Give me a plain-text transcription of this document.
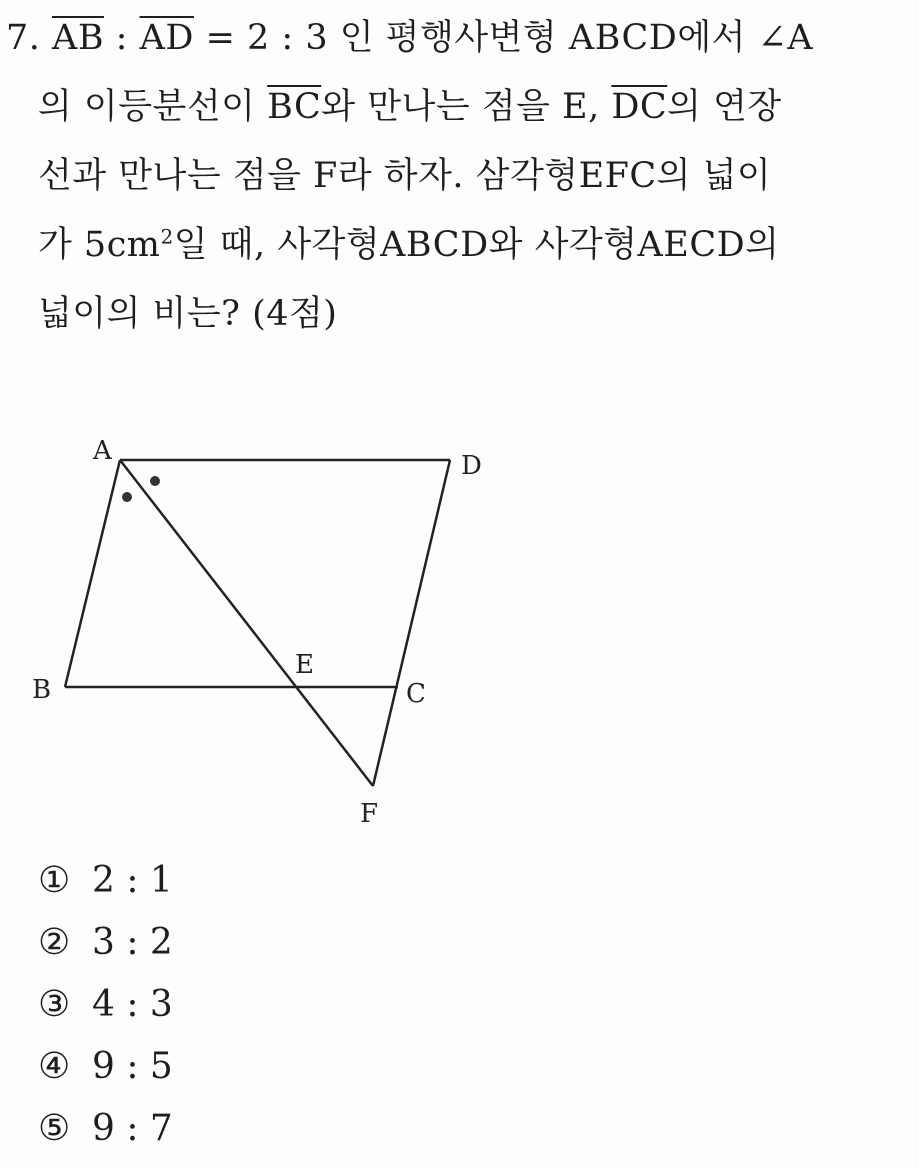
7. $\overline{AB}$ : $\overline{AD} = 2$ : 3 인 평행사변형 ABCD에서 ∠A
의 이등분선이 $\overline{BC}$와 만나는 점을 E, $\overline{DC}$의 연장
선과 만나는 점을 F라 하자. 삼각형EFC의 넓이
가 $5cm^2$일 때, 사각형ABCD와 사각형AECD의
넓이의 비는? (4점)
A	D
B
E
C
F
① 2 : 1
② 3 : 2
③ 4 : 3
④ 9 : 5
⑤ 9 : 7
